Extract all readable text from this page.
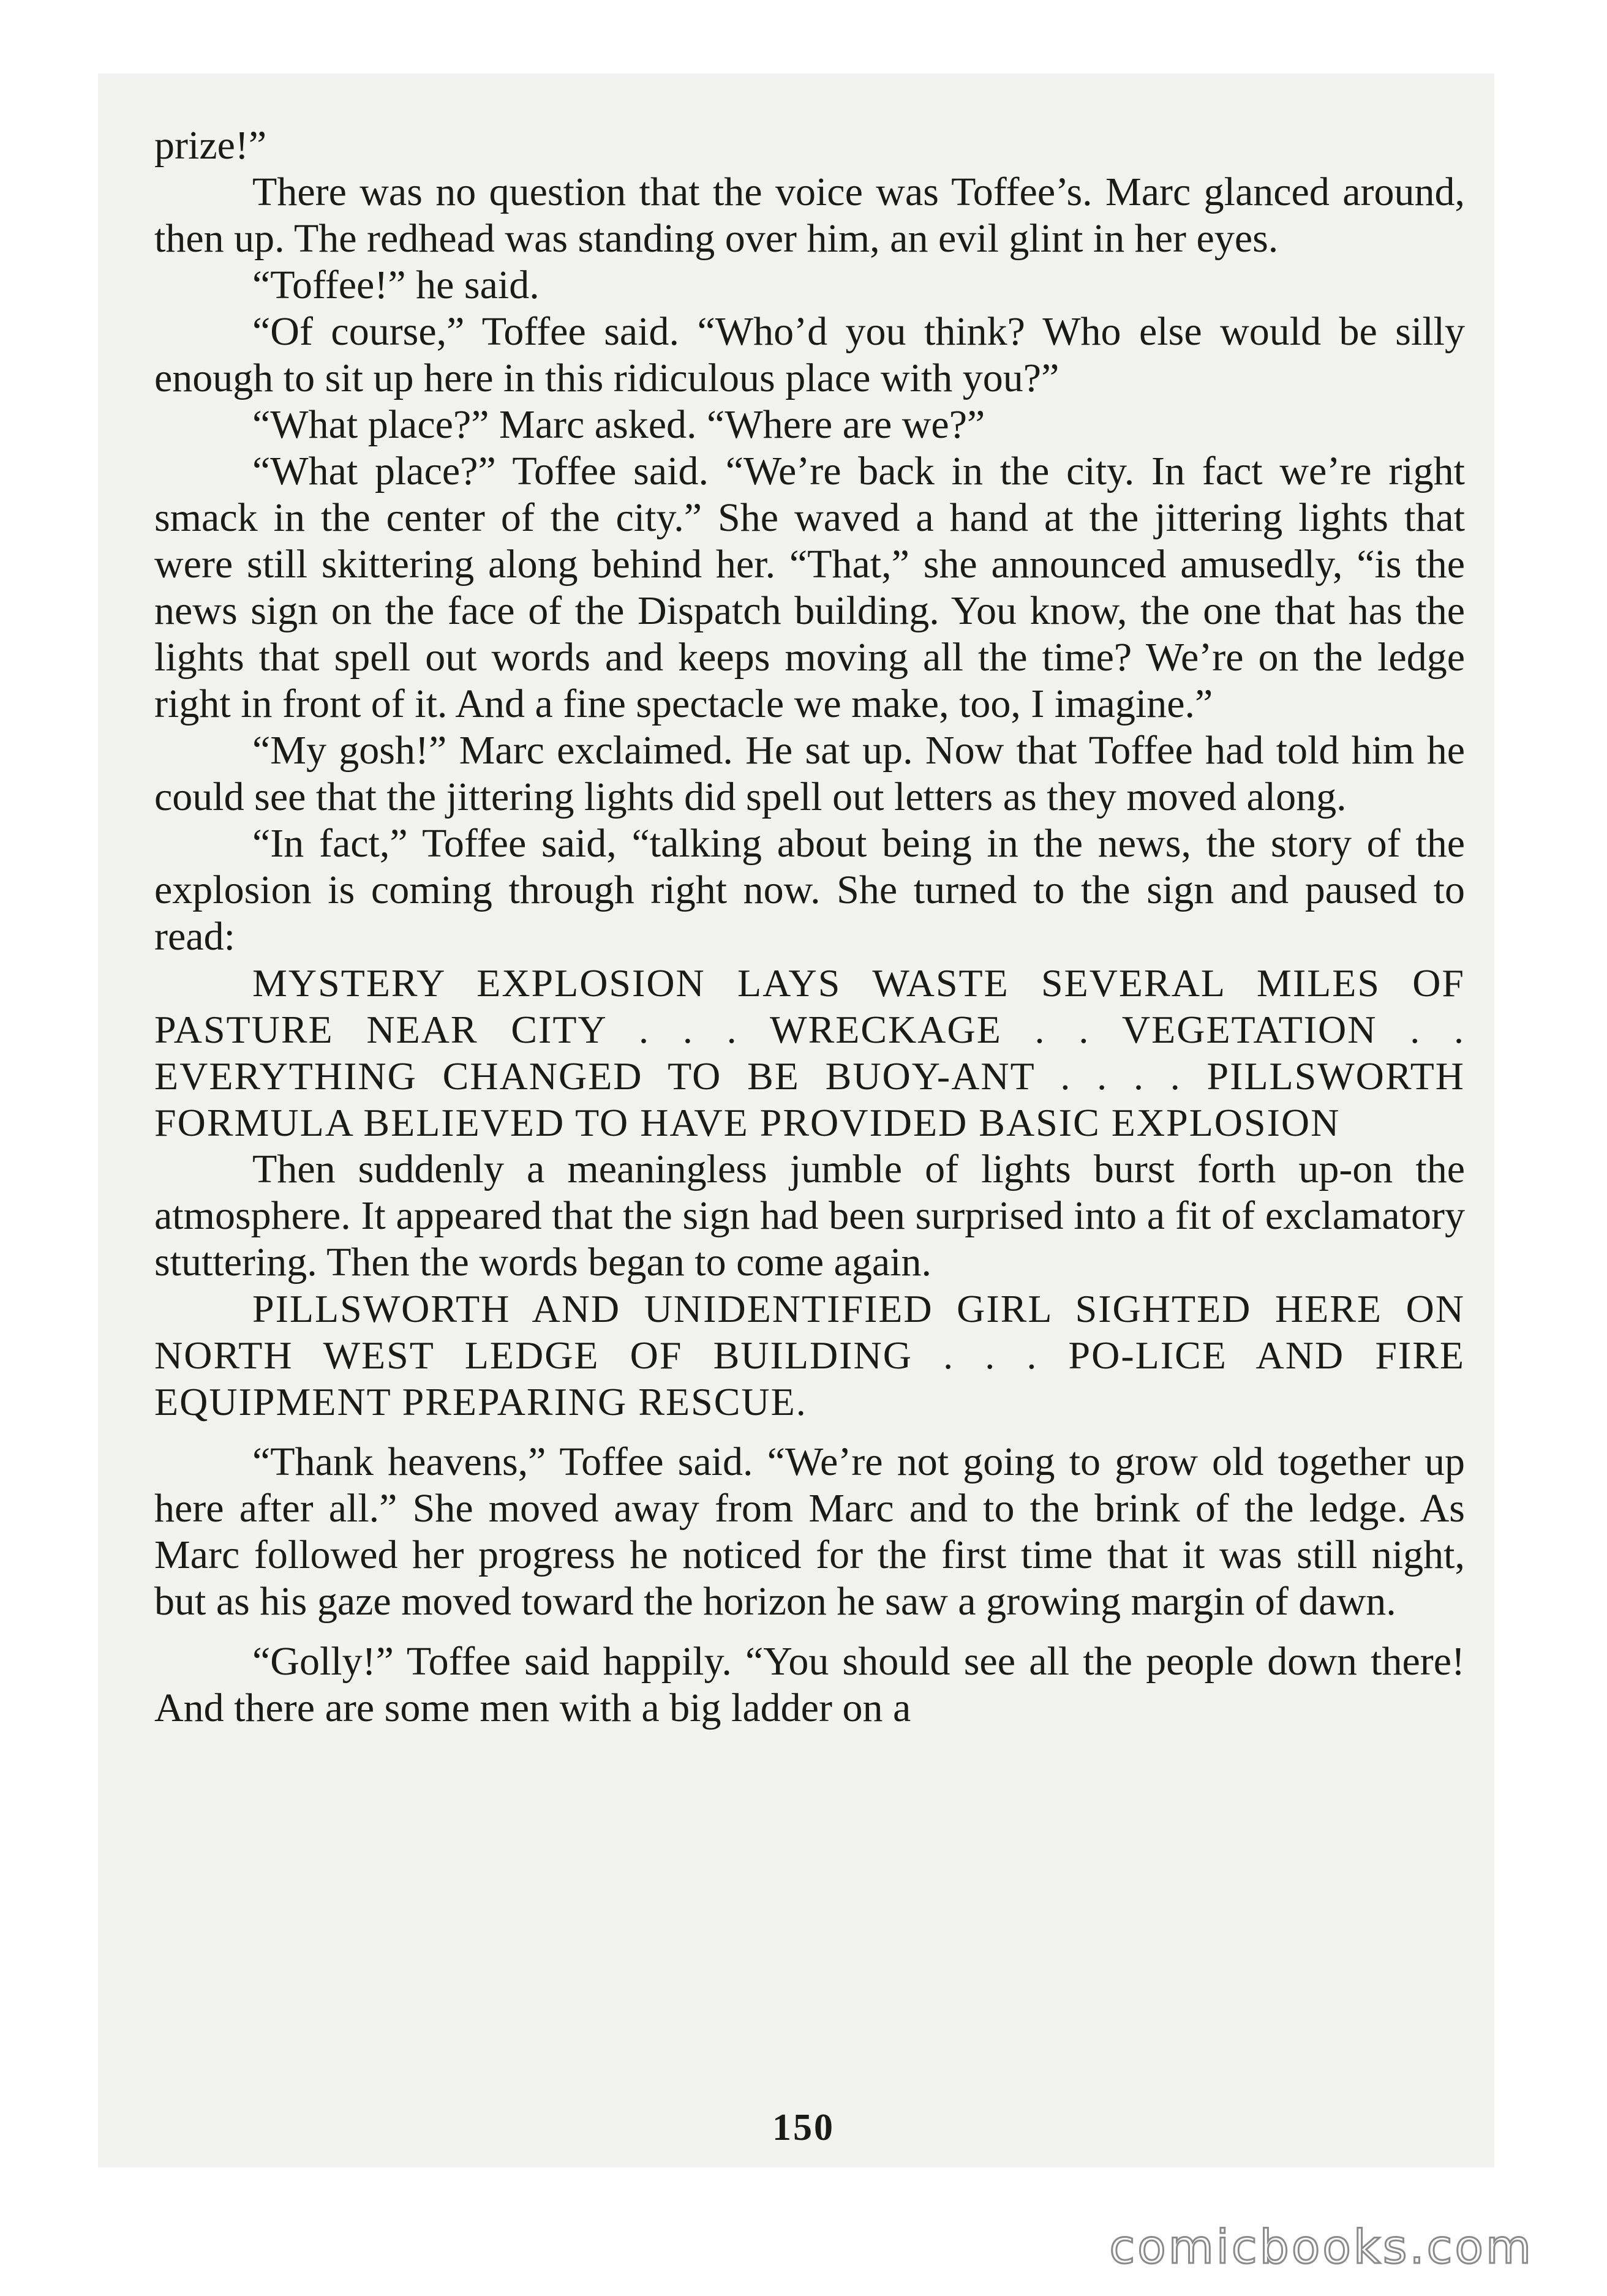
prize!”

There was no question that the voice was Toffee’s. Marc glanced around, then up. The redhead was standing over him, an evil glint in her eyes.

“Toffee!” he said.

“Of course,” Toffee said. “Who’d you think? Who else would be silly enough to sit up here in this ridiculous place with you?”

“What place?” Marc asked. “Where are we?”

“What place?” Toffee said. “We’re back in the city. In fact we’re right smack in the center of the city.” She waved a hand at the jittering lights that were still skittering along behind her. “That,” she announced amusedly, “is the news sign on the face of the Dispatch building. You know, the one that has the lights that spell out words and keeps moving all the time? We’re on the ledge right in front of it. And a fine spectacle we make, too, I imagine.”

“My gosh!” Marc exclaimed. He sat up. Now that Toffee had told him he could see that the jittering lights did spell out letters as they moved along.

“In fact,” Toffee said, “talking about being in the news, the story of the explosion is coming through right now. She turned to the sign and paused to read:

MYSTERY EXPLOSION LAYS WASTE SEVERAL MILES OF PASTURE NEAR CITY . . . WRECKAGE . . VEGETATION . . EVERYTHING CHANGED TO BE BUOY-ANT . . . . PILLSWORTH FORMULA BELIEVED TO HAVE PROVIDED BASIC EXPLOSION

Then suddenly a meaningless jumble of lights burst forth up-on the atmosphere. It appeared that the sign had been surprised into a fit of exclamatory stuttering. Then the words began to come again.

PILLSWORTH AND UNIDENTIFIED GIRL SIGHTED HERE ON NORTH WEST LEDGE OF BUILDING . . . PO-LICE AND FIRE EQUIPMENT PREPARING RESCUE.

“Thank heavens,” Toffee said. “We’re not going to grow old together up here after all.” She moved away from Marc and to the brink of the ledge. As Marc followed her progress he noticed for the first time that it was still night, but as his gaze moved toward the horizon he saw a growing margin of dawn.

“Golly!” Toffee said happily. “You should see all the people down there! And there are some men with a big ladder on a

150
comicbooks.com
